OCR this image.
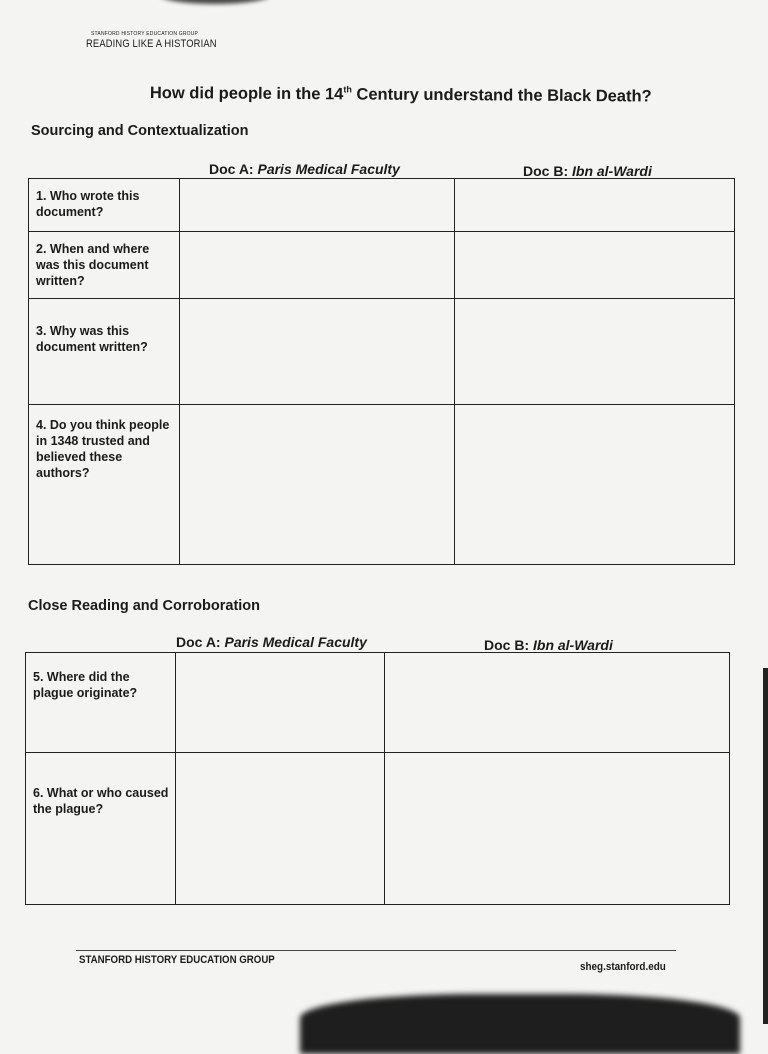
STANFORD HISTORY EDUCATION GROUP
READING LIKE A HISTORIAN
How did people in the 14th Century understand the Black Death?
Sourcing and Contextualization
Doc A: Paris Medical Faculty	Doc B: Ibn al-Wardi
1. Who wrote this document?		
2. When and where was this document written?		
3. Why was this document written?		
4. Do you think people in 1348 trusted and believed these authors?		
Close Reading and Corroboration
Doc A: Paris Medical Faculty	Doc B: Ibn al-Wardi
5. Where did the plague originate?		
6. What or who caused the plague?		
STANFORD HISTORY EDUCATION GROUP
sheg.stanford.edu
